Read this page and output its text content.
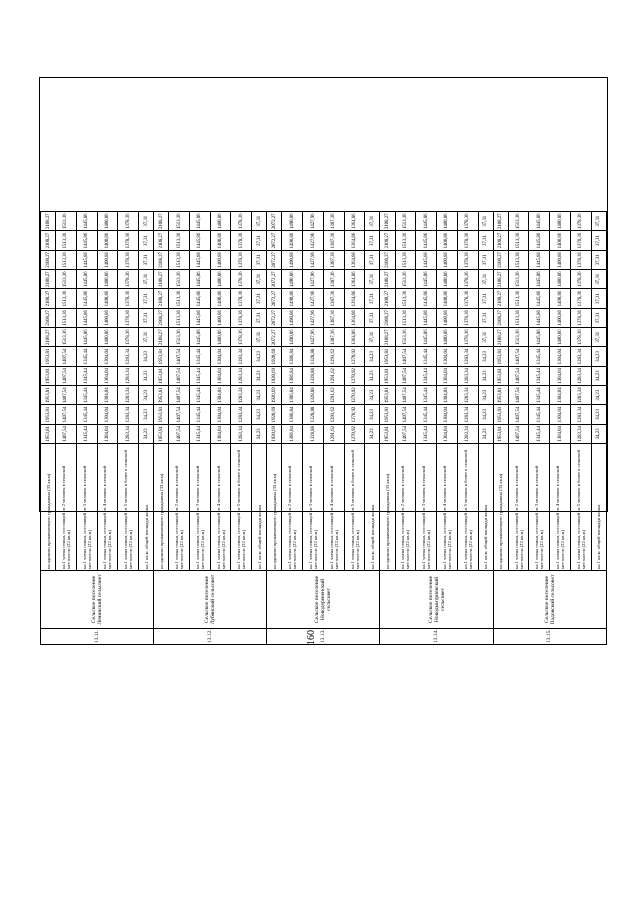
13.11.	Сельское поселение Ленинский сельсовет	на одиноко проживающего гражданина (33 кв.м)	1953,81	1953,81	1953,81	1953,81	1953,81	2108,27	2108,27	2108,27	2108,27	2108,27	2108,27	2108,27
		на 1 члена семьи, состоящей из 2 человек в сельской местности (22 кв.м)	1407,54	1407,54	1407,54	1407,54	1407,54	1513,36	1513,36	1513,36	1513,36	1513,36	1513,36	1513,36
		на 1 члена семьи, состоящей из 3 человек в сельской местности (22 кв.м)	1345,44	1345,44	1345,44	1345,44	1345,44	1445,86	1445,86	1445,86	1445,86	1445,86	1445,86	1445,86
		на 1 члена семьи, состоящей из 4 человек в сельской местности (22 кв.м)	1304,04	1304,04	1304,04	1304,04	1304,04	1400,86	1400,86	1400,86	1400,86	1400,86	1400,86	1400,86
		на 1 члена семьи, состоящей из 5 человек и более в сельской местности (22 кв.м)	1283,34	1283,34	1283,34	1283,34	1283,34	1378,36	1378,36	1378,36	1378,36	1378,36	1378,36	1378,36
		на 1 кв.м. общей площади жилья	34,23	34,23	34,23	34,23	34,23	37,31	37,31	37,31	37,31	37,31	37,31	37,31
13.12.	Сельское поселение Лубянский сельсовет	на одиноко проживающего гражданина (33 кв.м)	1953,81	1953,81	1953,81	1953,81	1953,81	2108,27	2108,27	2108,27	2108,27	2108,27	2108,27	2108,27
		на 1 члена семьи, состоящей из 2 человек в сельской местности (22 кв.м)	1407,54	1407,54	1407,54	1407,54	1407,54	1513,36	1513,36	1513,36	1513,36	1513,36	1513,36	1513,36
		на 1 члена семьи, состоящей из 3 человек в сельской местности (22 кв.м)	1345,44	1345,44	1345,44	1345,44	1345,44	1445,86	1445,86	1445,86	1445,86	1445,86	1445,86	1445,86
		на 1 члена семьи, состоящей из 4 человек в сельской местности (22 кв.м)	1304,04	1304,04	1304,04	1304,04	1304,04	1400,86	1400,86	1400,86	1400,86	1400,86	1400,86	1400,86
		на 1 члена семьи, состоящей из 5 человек и более в сельской местности (22 кв.м)	1283,34	1283,34	1283,34	1283,34	1283,34	1378,36	1378,36	1378,36	1378,36	1378,36	1378,36	1378,36
		на 1 кв.м. общей площади жилья	34,23	34,23	34,23	34,23	34,23	37,31	37,31	37,31	37,31	37,31	37,31	37,31
13.13.	Сельское поселение Новодеревенский сельсовет	на одиноко проживающего гражданина (33 кв.м)	1920,69	1920,69	1920,69	1920,69	1920,69	2072,27	2072,27	2072,27	2072,27	2072,27	2072,27	2072,27
		на 1 члена семьи, состоящей из 2 человек в сельской местности (22 кв.м)	1386,84	1386,84	1386,84	1386,84	1386,84	1490,86	1490,86	1490,86	1490,86	1490,86	1490,86	1490,86
		на 1 члена семьи, состоящей из 3 человек в сельской местности (22 кв.м)	1328,88	1328,88	1328,88	1328,88	1328,88	1427,96	1427,96	1427,96	1427,96	1427,96	1427,96	1427,96
		на 1 члена семьи, состоящей из 4 человек в сельской местности (22 кв.м)	1291,62	1291,62	1291,62	1291,62	1291,62	1387,36	1387,36	1387,36	1387,36	1387,36	1387,36	1387,36
		на 1 члена семьи, состоящей из 5 человек и более в сельской местности (22 кв.м)	1270,92	1270,92	1270,92	1270,92	1270,92	1364,86	1364,86	1364,86	1364,86	1364,86	1364,86	1364,86
		на 1 кв.м. общей площади жилья	34,23	34,23	34,23	34,23	34,23	37,31	37,31	37,31	37,31	37,31	37,31	37,31
13.14.	Сельское поселение Новодмитриевский сельсовет	на одиноко проживающего гражданина (33 кв.м)	1953,81	1953,81	1953,81	1953,81	1953,81	2108,27	2108,27	2108,27	2108,27	2108,27	2108,27	2108,27
		на 1 члена семьи, состоящей из 2 человек в сельской местности (22 кв.м)	1407,54	1407,54	1407,54	1407,54	1407,54	1513,36	1513,36	1513,36	1513,36	1513,36	1513,36	1513,36
		на 1 члена семьи, состоящей из 3 человек в сельской местности (22 кв.м)	1345,44	1345,44	1345,44	1345,44	1345,44	1445,86	1445,86	1445,86	1445,86	1445,86	1445,86	1445,86
		на 1 члена семьи, состоящей из 4 человек в сельской местности (22 кв.м)	1304,04	1304,04	1304,04	1304,04	1304,04	1400,86	1400,86	1400,86	1400,86	1400,86	1400,86	1400,86
		на 1 члена семьи, состоящей из 5 человек и более в сельской местности (22 кв.м)	1283,34	1283,34	1283,34	1283,34	1283,34	1378,36	1378,36	1378,36	1378,36	1378,36	1378,36	1378,36
		на 1 кв.м. общей площади жилья	34,23	34,23	34,23	34,23	34,23	37,31	37,31	37,31	37,31	37,31	37,31	37,31
13.15.	Сельское поселение Падовский сельсовет	на одиноко проживающего гражданина (33 кв.м)	1953,81	1953,81	1953,81	1953,81	1953,81	2108,27	2108,27	2108,27	2108,27	2108,27	2108,27	2108,27
		на 1 члена семьи, состоящей из 2 человек в сельской местности (22 кв.м)	1407,54	1407,54	1407,54	1407,54	1407,54	1513,36	1513,36	1513,36	1513,36	1513,36	1513,36	1513,36
		на 1 члена семьи, состоящей из 3 человек в сельской местности (22 кв.м)	1345,44	1345,44	1345,44	1345,44	1345,44	1445,86	1445,86	1445,86	1445,86	1445,86	1445,86	1445,86
		на 1 члена семьи, состоящей из 4 человек в сельской местности (22 кв.м)	1304,04	1304,04	1304,04	1304,04	1304,04	1400,86	1400,86	1400,86	1400,86	1400,86	1400,86	1400,86
		на 1 члена семьи, состоящей из 5 человек и более в сельской местности (22 кв.м)	1283,34	1283,34	1283,34	1283,34	1283,34	1378,36	1378,36	1378,36	1378,36	1378,36	1378,36	1378,36
		на 1 кв.м. общей площади жилья	34,23	34,23	34,23	34,23	34,23	37,31	37,31	37,31	37,31	37,31	37,31	37,31
160
